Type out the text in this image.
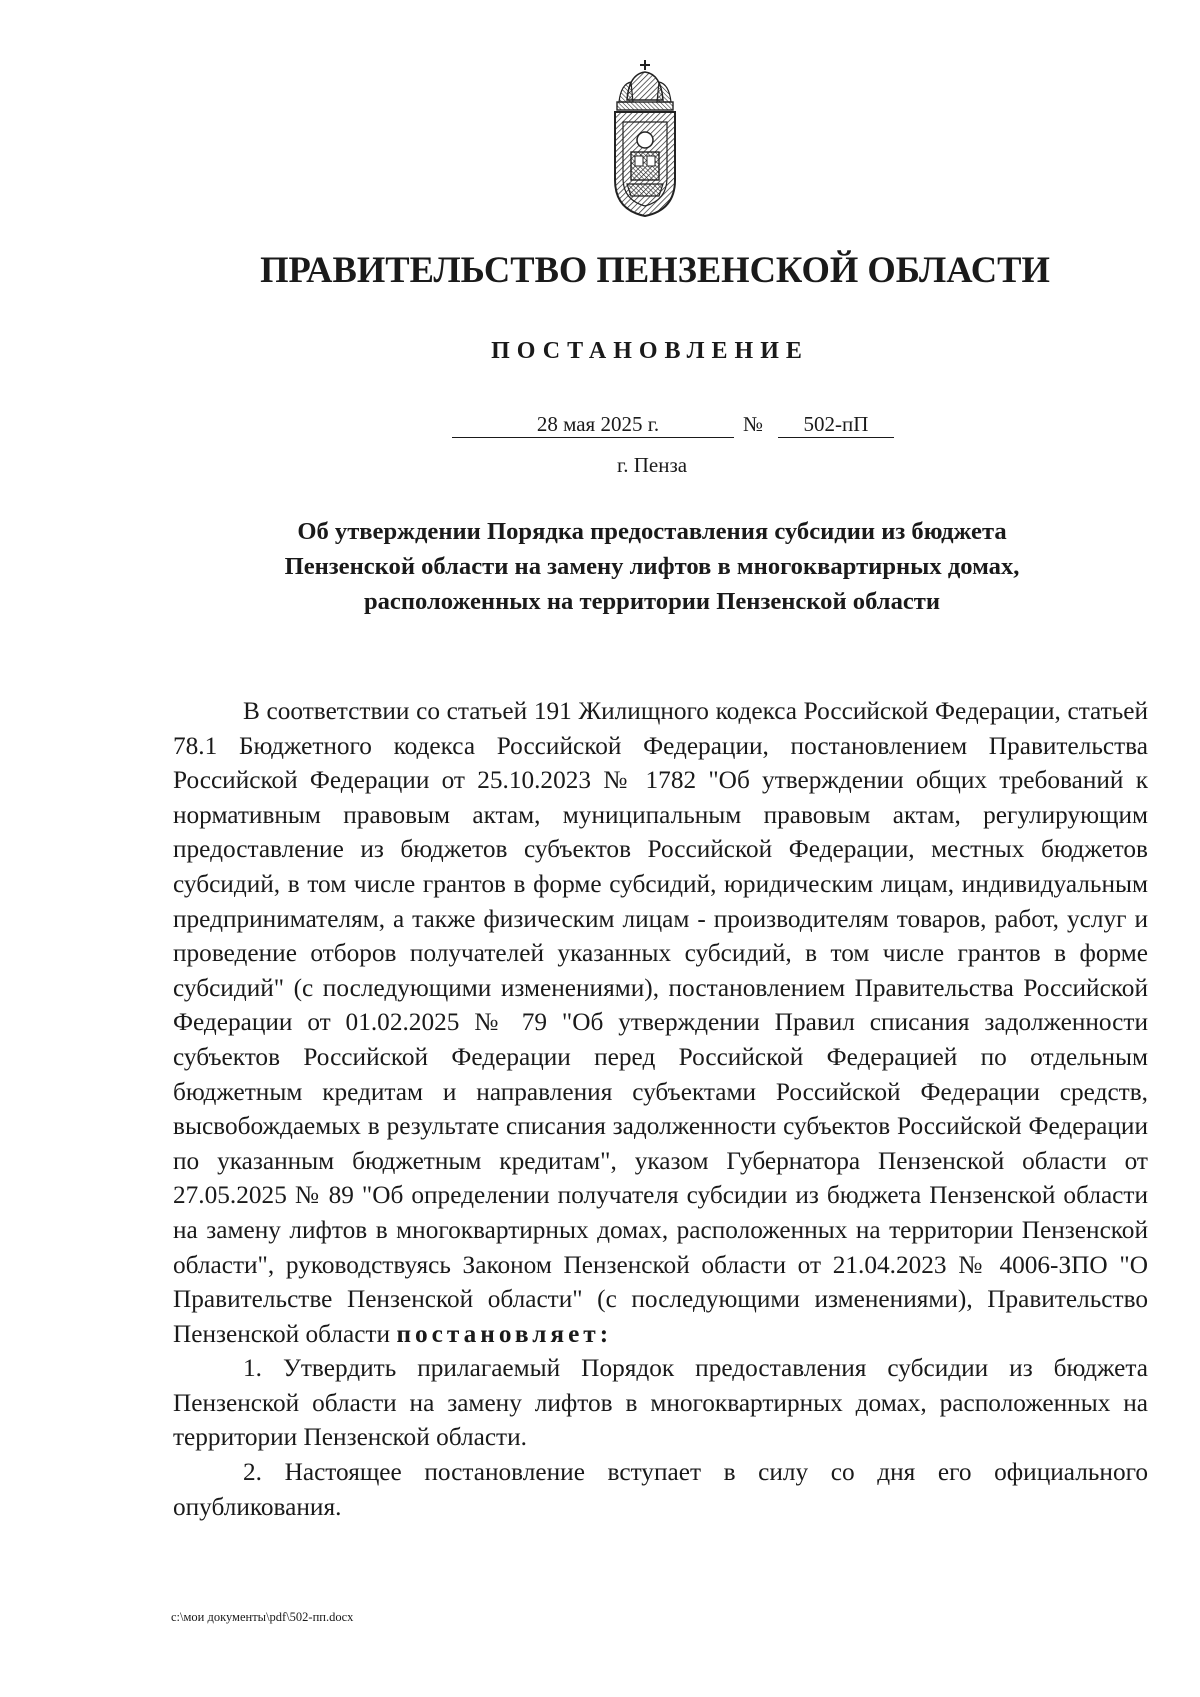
ПРАВИТЕЛЬСТВО ПЕНЗЕНСКОЙ ОБЛАСТИ
ПОСТАНОВЛЕНИЕ
28 мая 2025 г.	№	502-пП
г. Пенза
Об утверждении Порядка предоставления субсидии из бюджета
Пензенской области на замену лифтов в многоквартирных домах,
расположенных на территории Пензенской области

В соответствии со статьей 191 Жилищного кодекса Российской Федерации, статьей 78.1 Бюджетного кодекса Российской Федерации, постановлением Правительства Российской Федерации от 25.10.2023 № 1782 "Об утверждении общих требований к нормативным правовым актам, муниципальным правовым актам, регулирующим предоставление из бюджетов субъектов Российской Федерации, местных бюджетов субсидий, в том числе грантов в форме субсидий, юридическим лицам, индивидуальным предпринимателям, а также физическим лицам - производителям товаров, работ, услуг и проведение отборов получателей указанных субсидий, в том числе грантов в форме субсидий" (с последующими изменениями), постановлением Правительства Российской Федерации от 01.02.2025 № 79 "Об утверждении Правил списания задолженности субъектов Российской Федерации перед Российской Федерацией по отдельным бюджетным кредитам и направления субъектами Российской Федерации средств, высвобождаемых в результате списания задолженности субъектов Российской Федерации по указанным бюджетным кредитам", указом Губернатора Пензенской области от 27.05.2025 № 89 "Об определении получателя субсидии из бюджета Пензенской области на замену лифтов в многоквартирных домах, расположенных на территории Пензенской области", руководствуясь Законом Пензенской области от 21.04.2023 № 4006-ЗПО "О Правительстве Пензенской области" (с последующими изменениями), Правительство Пензенской области постановляет:

1. Утвердить прилагаемый Порядок предоставления субсидии из бюджета Пензенской области на замену лифтов в многоквартирных домах, расположенных на территории Пензенской области.

2. Настоящее постановление вступает в силу со дня его официального опубликования.

c:\мои документы\pdf\502-пп.docx
